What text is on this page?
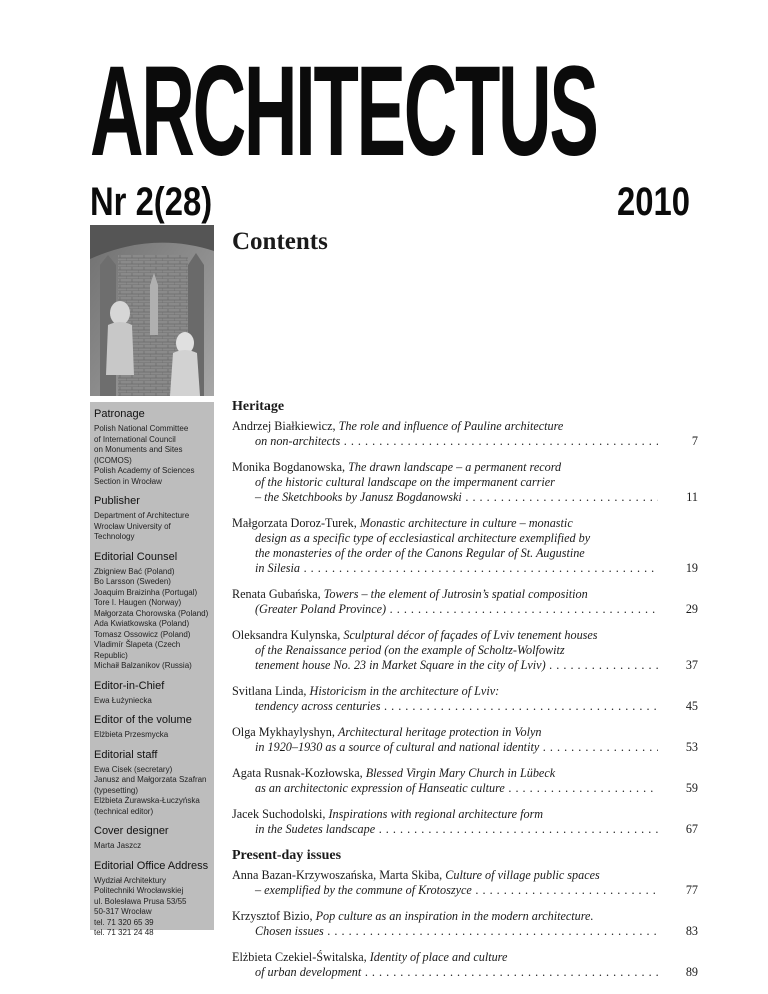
ARCHITECTUS
Nr 2(28)	2010
Contents
Patronage
Polish National Committee
of International Council
on Monuments and Sites
(ICOMOS)
Polish Academy of Sciences
Section in Wrocław
Publisher
Department of Architecture
Wrocław University of Technology
Editorial Counsel
Zbigniew Bać (Poland)
Bo Larsson (Sweden)
Joaquim Braizinha (Portugal)
Tore I. Haugen (Norway)
Małgorzata Chorowska (Poland)
Ada Kwiatkowska (Poland)
Tomasz Ossowicz (Poland)
Vladimír Šlapeta (Czech Republic)
Michaił Balzanikov (Russia)
Editor-in-Chief
Ewa Łużyniecka
Editor of the volume
Elżbieta Przesmycka
Editorial staff
Ewa Cisek (secretary)
Janusz and Małgorzata Szafran
(typesetting)
Elżbieta Żurawska-Łuczyńska
(technical editor)
Cover designer
Marta Jaszcz
Editorial Office Address
Wydział Architektury
Politechniki Wrocławskiej
ul. Bolesława Prusa 53/55
50-317 Wrocław
tel. 71 320 65 39
tel. 71 321 24 48
Heritage
Andrzej Białkiewicz, The role and influence of Pauline architecture
on non-architects . . .	7
Monika Bogdanowska, The drawn landscape – a permanent record
of the historic cultural landscape on the impermanent carrier
– the Sketchbooks by Janusz Bogdanowski . . .	11
Małgorzata Doroz-Turek, Monastic architecture in culture – monastic
design as a specific type of ecclesiastical architecture exemplified by
the monasteries of the order of the Canons Regular of St. Augustine
in Silesia . . .	19
Renata Gubańska, Towers – the element of Jutrosin’s spatial composition
(Greater Poland Province) . . .	29
Oleksandra Kulynska, Sculptural décor of façades of Lviv tenement houses
of the Renaissance period (on the example of Scholtz-Wolfowitz
tenement house No. 23 in Market Square in the city of Lviv) . . .	37
Svitlana Linda, Historicism in the architecture of Lviv:
tendency across centuries . . .	45
Olga Mykhaylyshyn, Architectural heritage protection in Volyn
in 1920–1930 as a source of cultural and national identity . . .	53
Agata Rusnak-Kozłowska, Blessed Virgin Mary Church in Lübeck
as an architectonic expression of Hanseatic culture . . .	59
Jacek Suchodolski, Inspirations with regional architecture form
in the Sudetes landscape . . .	67
Present-day issues
Anna Bazan-Krzywoszańska, Marta Skiba, Culture of village public spaces
– exemplified by the commune of Krotoszyce . . .	77
Krzysztof Bizio, Pop culture as an inspiration in the modern architecture.
Chosen issues . . .	83
Elżbieta Czekiel-Świtalska, Identity of place and culture
of urban development . . .	89
